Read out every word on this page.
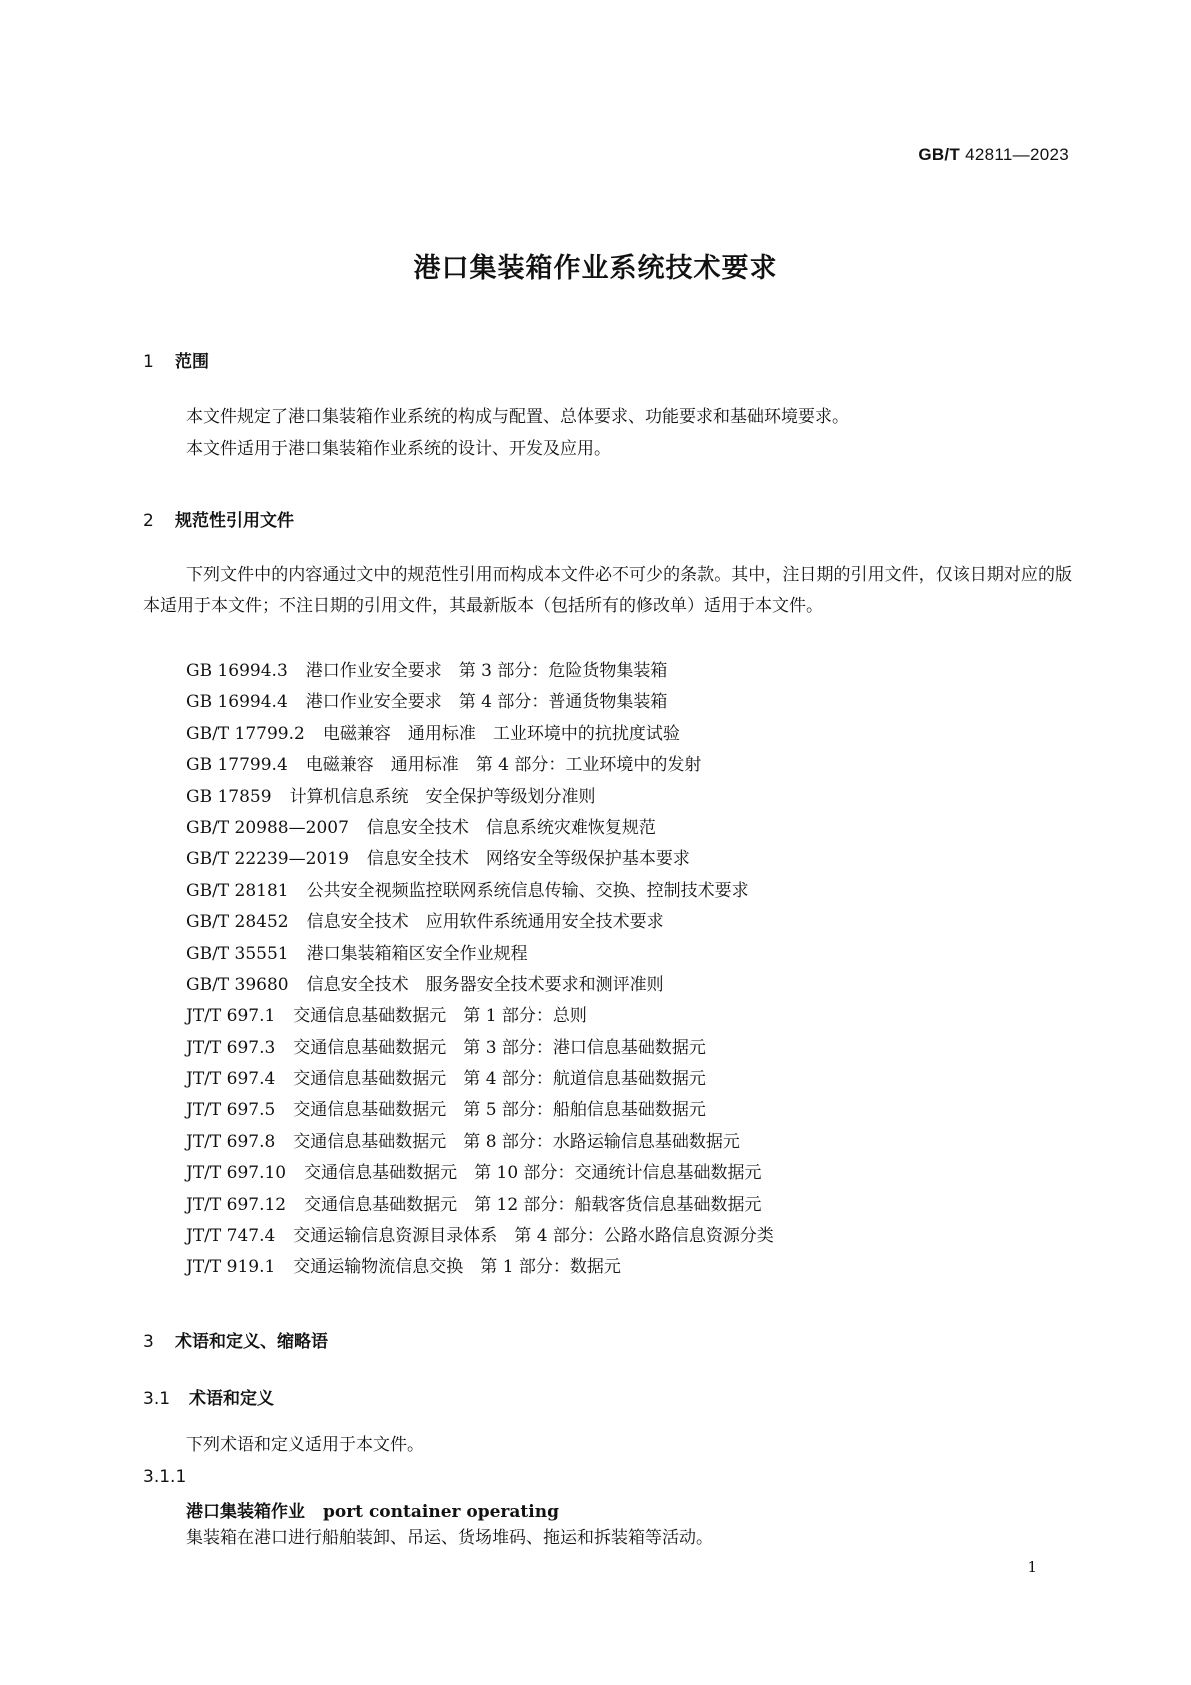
GB/T 42811—2023
港口集装箱作业系统技术要求
1 范围
本文件规定了港口集装箱作业系统的构成与配置、总体要求、功能要求和基础环境要求。
本文件适用于港口集装箱作业系统的设计、开发及应用。
2 规范性引用文件
下列文件中的内容通过文中的规范性引用而构成本文件必不可少的条款。其中，注日期的引用文件，仅该日期对应的版本适用于本文件；不注日期的引用文件，其最新版本（包括所有的修改单）适用于本文件。
GB 16994.3 港口作业安全要求　第 3 部分：危险货物集装箱
GB 16994.4 港口作业安全要求　第 4 部分：普通货物集装箱
GB/T 17799.2 电磁兼容　通用标准　工业环境中的抗扰度试验
GB 17799.4 电磁兼容　通用标准　第 4 部分：工业环境中的发射
GB 17859 计算机信息系统　安全保护等级划分准则
GB/T 20988—2007 信息安全技术　信息系统灾难恢复规范
GB/T 22239—2019 信息安全技术　网络安全等级保护基本要求
GB/T 28181 公共安全视频监控联网系统信息传输、交换、控制技术要求
GB/T 28452 信息安全技术　应用软件系统通用安全技术要求
GB/T 35551 港口集装箱箱区安全作业规程
GB/T 39680 信息安全技术　服务器安全技术要求和测评准则
JT/T 697.1 交通信息基础数据元　第 1 部分：总则
JT/T 697.3 交通信息基础数据元　第 3 部分：港口信息基础数据元
JT/T 697.4 交通信息基础数据元　第 4 部分：航道信息基础数据元
JT/T 697.5 交通信息基础数据元　第 5 部分：船舶信息基础数据元
JT/T 697.8 交通信息基础数据元　第 8 部分：水路运输信息基础数据元
JT/T 697.10 交通信息基础数据元　第 10 部分：交通统计信息基础数据元
JT/T 697.12 交通信息基础数据元　第 12 部分：船载客货信息基础数据元
JT/T 747.4 交通运输信息资源目录体系　第 4 部分：公路水路信息资源分类
JT/T 919.1 交通运输物流信息交换　第 1 部分：数据元
3 术语和定义、缩略语
3.1 术语和定义
下列术语和定义适用于本文件。
3.1.1
港口集装箱作业 port container operating
集装箱在港口进行船舶装卸、吊运、货场堆码、拖运和拆装箱等活动。
1
